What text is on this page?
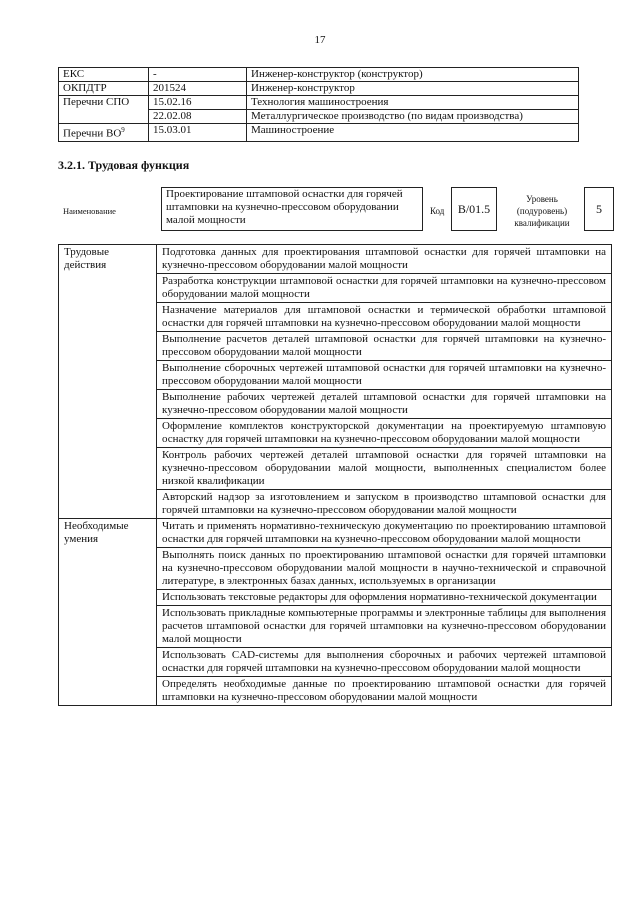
17
ЕКС	-	Инженер-конструктор (конструктор)
ОКПДТР	201524	Инженер-конструктор
Перечни СПО	15.02.16	Технология машиностроения
	22.02.08	Металлургическое производство (по видам производства)
Перечни $ВО^9$	15.03.01	Машиностроение
3.2.1. Трудовая функция
Наименование
Проектирование штамповой оснастки для горячей штамповки на кузнечно-прессовом оборудовании малой мощности
Код	B/01.5
Уровень (подуровень) квалификации
5
Трудовые действия	Подготовка данных для проектирования штамповой оснастки для горячей штамповки на кузнечно-прессовом оборудовании малой мощности
	Разработка конструкции штамповой оснастки для горячей штамповки на кузнечно-прессовом оборудовании малой мощности
	Назначение материалов для штамповой оснастки и термической обработки штамповой оснастки для горячей штамповки на кузнечно-прессовом оборудовании малой мощности
	Выполнение расчетов деталей штамповой оснастки для горячей штамповки на кузнечно-прессовом оборудовании малой мощности
	Выполнение сборочных чертежей штамповой оснастки для горячей штамповки на кузнечно-прессовом оборудовании малой мощности
	Выполнение рабочих чертежей деталей штамповой оснастки для горячей штамповки на кузнечно-прессовом оборудовании малой мощности
	Оформление комплектов конструкторской документации на проектируемую штамповую оснастку для горячей штамповки на кузнечно-прессовом оборудовании малой мощности
	Контроль рабочих чертежей деталей штамповой оснастки для горячей штамповки на кузнечно-прессовом оборудовании малой мощности, выполненных специалистом более низкой квалификации
	Авторский надзор за изготовлением и запуском в производство штамповой оснастки для горячей штамповки на кузнечно-прессовом оборудовании малой мощности
Необходимые умения	Читать и применять нормативно-техническую документацию по проектированию штамповой оснастки для горячей штамповки на кузнечно-прессовом оборудовании малой мощности
	Выполнять поиск данных по проектированию штамповой оснастки для горячей штамповки на кузнечно-прессовом оборудовании малой мощности в научно-технической и справочной литературе, в электронных базах данных, используемых в организации
	Использовать текстовые редакторы для оформления нормативно-технической документации
	Использовать прикладные компьютерные программы и электронные таблицы для выполнения расчетов штамповой оснастки для горячей штамповки на кузнечно-прессовом оборудовании малой мощности
	Использовать CAD-системы для выполнения сборочных и рабочих чертежей штамповой оснастки для горячей штамповки на кузнечно-прессовом оборудовании малой мощности
	Определять необходимые данные по проектированию штамповой оснастки для горячей штамповки на кузнечно-прессовом оборудовании малой мощности
